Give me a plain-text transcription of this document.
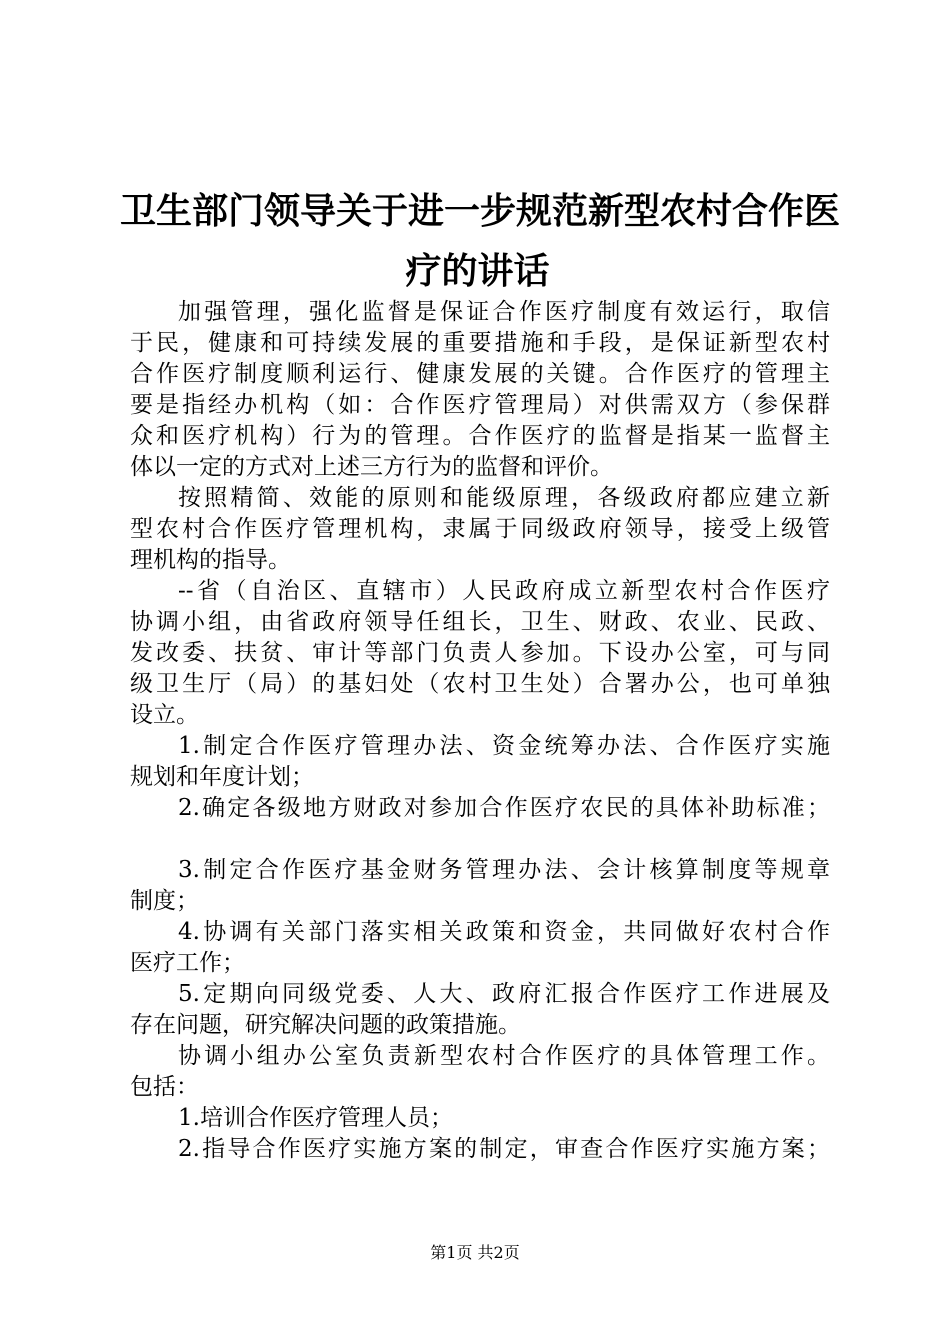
卫生部门领导关于进一步规范新型农村合作医
疗的讲话
加强管理，强化监督是保证合作医疗制度有效运行，取信
于民，健康和可持续发展的重要措施和手段，是保证新型农村
合作医疗制度顺利运行、健康发展的关键。合作医疗的管理主
要是指经办机构（如：合作医疗管理局）对供需双方（参保群
众和医疗机构）行为的管理。合作医疗的监督是指某一监督主
体以一定的方式对上述三方行为的监督和评价。
按照精简、效能的原则和能级原理，各级政府都应建立新
型农村合作医疗管理机构，隶属于同级政府领导，接受上级管
理机构的指导。
--省（自治区、直辖市）人民政府成立新型农村合作医疗
协调小组，由省政府领导任组长，卫生、财政、农业、民政、
发改委、扶贫、审计等部门负责人参加。下设办公室，可与同
级卫生厅（局）的基妇处（农村卫生处）合署办公，也可单独
设立。
1.制定合作医疗管理办法、资金统筹办法、合作医疗实施
规划和年度计划；
2.确定各级地方财政对参加合作医疗农民的具体补助标准；
3.制定合作医疗基金财务管理办法、会计核算制度等规章
制度；
4.协调有关部门落实相关政策和资金，共同做好农村合作
医疗工作；
5.定期向同级党委、人大、政府汇报合作医疗工作进展及
存在问题，研究解决问题的政策措施。
协调小组办公室负责新型农村合作医疗的具体管理工作。
包括：
1.培训合作医疗管理人员；
2.指导合作医疗实施方案的制定，审查合作医疗实施方案；
第1页 共2页
